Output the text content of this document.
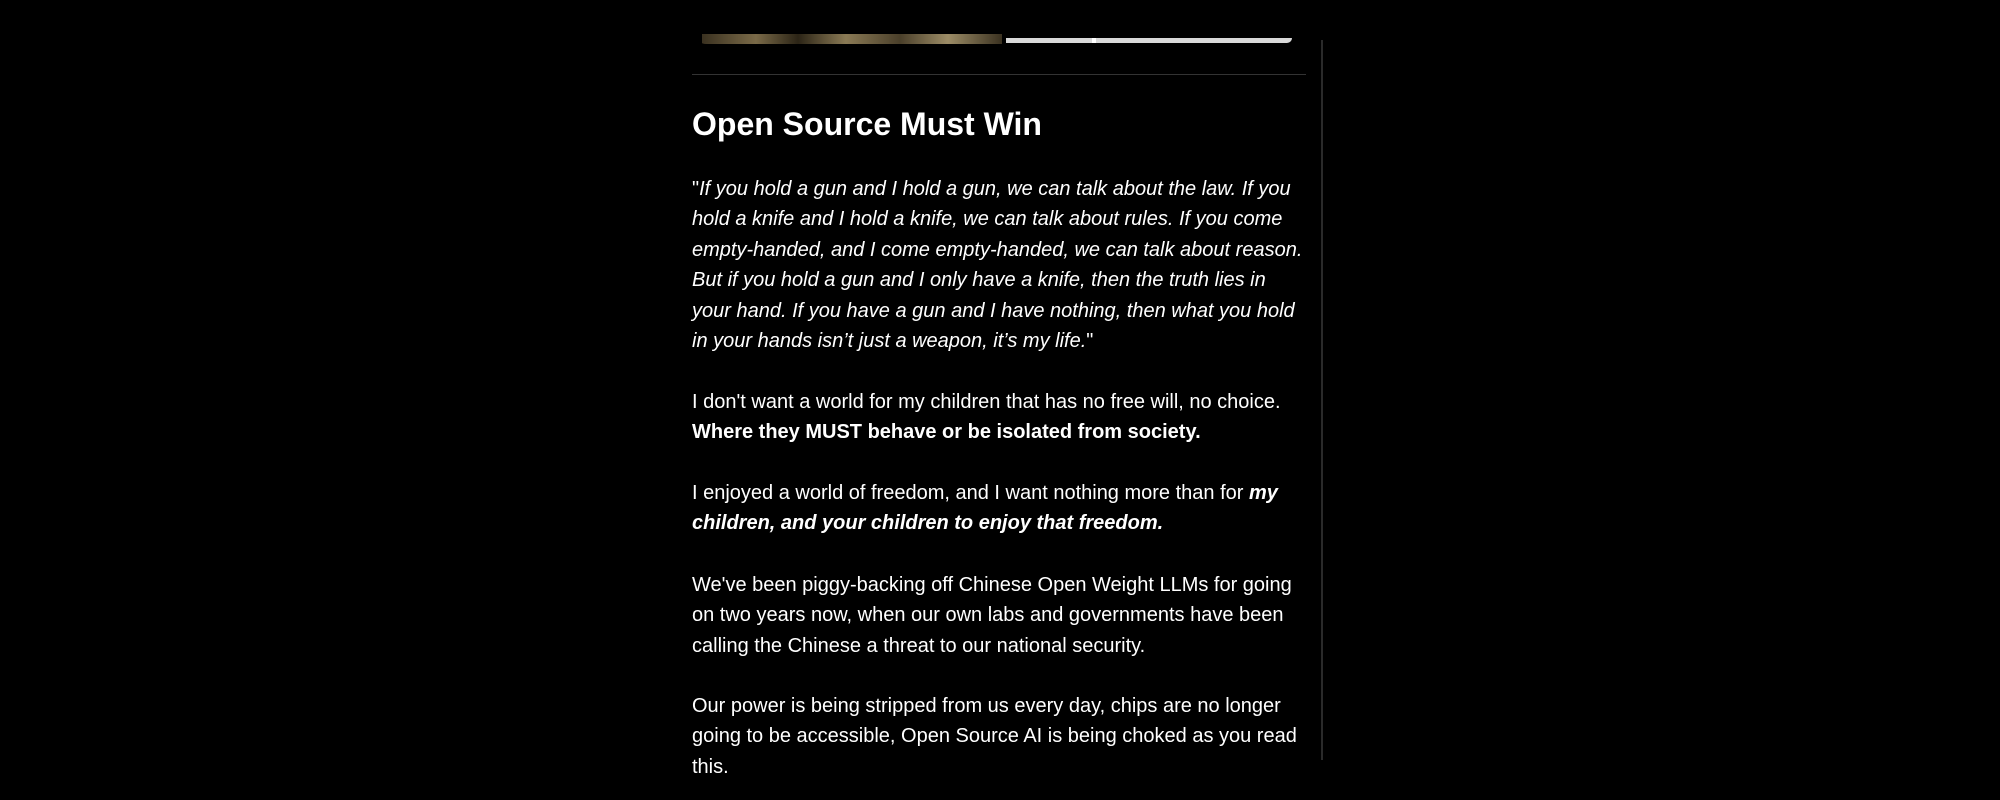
Open Source Must Win

"If you hold a gun and I hold a gun, we can talk about the law. If you hold a knife and I hold a knife, we can talk about rules. If you come empty-handed, and I come empty-handed, we can talk about reason. But if you hold a gun and I only have a knife, then the truth lies in your hand. If you have a gun and I have nothing, then what you hold in your hands isn’t just a weapon, it’s my life."

I don't want a world for my children that has no free will, no choice. Where they MUST behave or be isolated from society.

I enjoyed a world of freedom, and I want nothing more than for my children, and your children to enjoy that freedom.

We've been piggy-backing off Chinese Open Weight LLMs for going on two years now, when our own labs and governments have been calling the Chinese a threat to our national security.

Our power is being stripped from us every day, chips are no longer going to be accessible, Open Source AI is being choked as you read this.
